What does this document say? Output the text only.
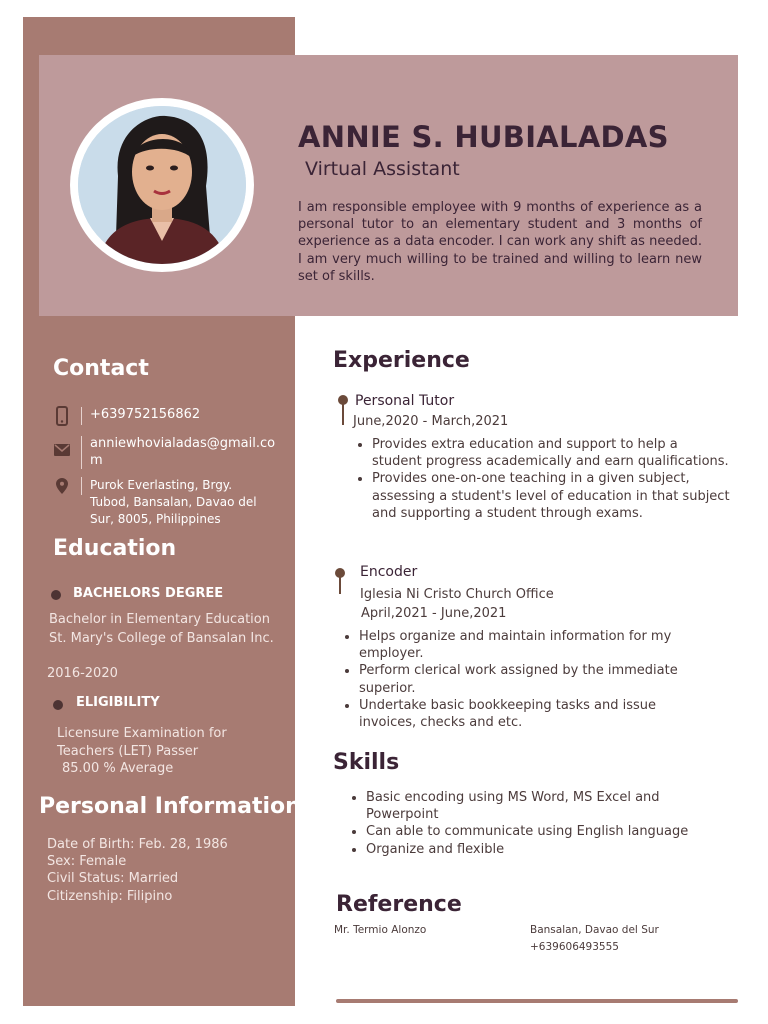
ANNIE S. HUBIALADAS
Virtual Assistant
I am responsible employee with 9 months of experience as a personal tutor to an elementary student and 3 months of experience as a data encoder. I can work any shift as needed. I am very much willing to be trained and willing to learn new set of skills.
Contact
+639752156862
anniewhovialadas@gmail.com
Purok Everlasting, Brgy. Tubod, Bansalan, Davao del Sur, 8005, Philippines
Education
BACHELORS DEGREE
Bachelor in Elementary Education
St. Mary's College of Bansalan Inc.
2016-2020
ELIGIBILITY
Licensure Examination for Teachers (LET) Passer
85.00 % Average
Personal Information
Date of Birth: Feb. 28, 1986
Sex: Female
Civil Status: Married
Citizenship: Filipino
Experience
Personal Tutor
June,2020 - March,2021
• Provides extra education and support to help a student progress academically and earn qualifications.
• Provides one-on-one teaching in a given subject, assessing a student's level of education in that subject and supporting a student through exams.
Encoder
Iglesia Ni Cristo Church Office
April,2021 - June,2021
• Helps organize and maintain information for my employer.
• Perform clerical work assigned by the immediate superior.
• Undertake basic bookkeeping tasks and issue invoices, checks and etc.
Skills
• Basic encoding using MS Word, MS Excel and Powerpoint
• Can able to communicate using English language
• Organize and flexible
Reference
Mr. Termio Alonzo	Bansalan, Davao del Sur
+639606493555
